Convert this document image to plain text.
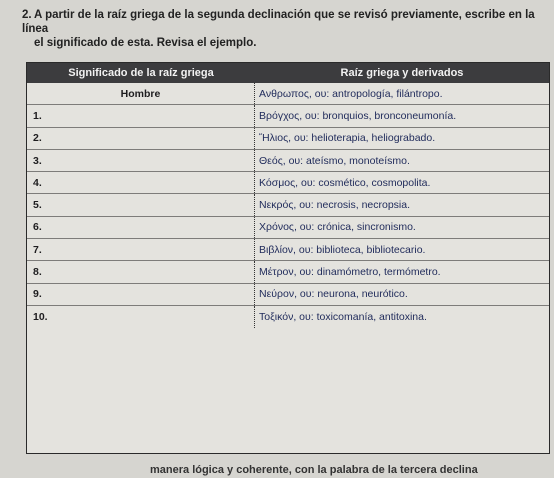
2. A partir de la raíz griega de la segunda declinación que se revisó previamente, escribe en la línea
el significado de esta. Revisa el ejemplo.
Significado de la raíz griega	Raíz griega y derivados
Hombre	Ανθρωπος, ου: antropología, filántropo.
1.	Βρόγχος, ου: bronquios, bronconeumonía.
2.	Ἥλιος, ου: helioterapia, heliograbado.
3.	Θεός, ου: ateísmo, monoteísmo.
4.	Κόσμος, ου: cosmético, cosmopolita.
5.	Νεκρός, ου: necrosis, necropsia.
6.	Χρόνος, ου: crónica, sincronismo.
7.	Βιβλίον, ου: biblioteca, bibliotecario.
8.	Μέτρον, ου: dinamómetro, termómetro.
9.	Νεύρον, ου: neurona, neurótico.
10.	Τοξικόν, ου: toxicomanía, antitoxina.
manera lógica y coherente, con la palabra de la tercera declina
